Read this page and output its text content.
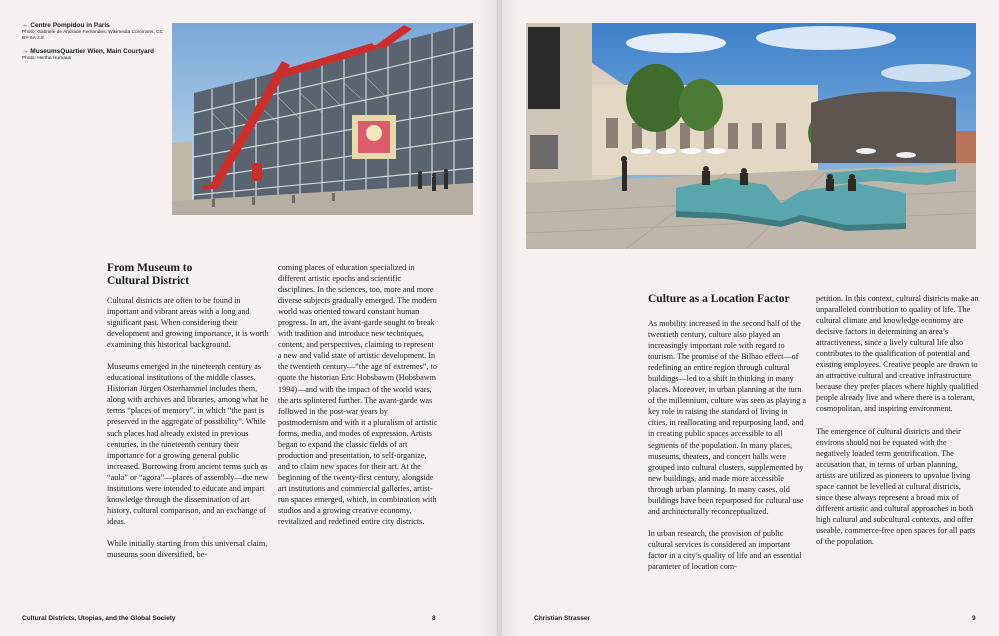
← Centre Pompidou in Paris
Photo: Gabriele de Andrade Fernandes, Wikimedia Commons, CC BY-SA 2.0
→ MuseumsQuartier Wien, Main Courtyard
Photo: Hertha Hurnaus
From Museum to
Cultural District

Cultural districts are often to be found in important and vibrant areas with a long and significant past. When considering their development and growing importance, it is worth examining this historical background.

Museums emerged in the nineteenth century as educational institutions of the middle classes. Historian Jürgen Osterhammel includes them, along with archives and libraries, among what he terms “places of memory”, in which “the past is preserved in the aggregate of possibility”. While such places had already existed in previous centuries, in the nineteenth century their importance for a growing general public increased. Borrowing from ancient terms such as “aula” or “agora”—places of assembly—the new institutions were intended to educate and impart knowledge through the dissemination of art history, cultural comparison, and an exchange of ideas.

While initially starting from this universal claim, museums soon diversified, be-

coming places of education specialized in different artistic epochs and scientific disciplines. In the sciences, too, more and more diverse subjects gradually emerged. The modern world was oriented toward constant human progress. In art, the avant-garde sought to break with tradition and introduce new techniques, content, and perspectives, claiming to represent a new and valid state of artistic development. In the twentieth century—“the age of extremes”, to quote the historian Eric Hobsbawm (Hobsbawm 1994)—and with the impact of the world wars, the arts splintered further. The avant-garde was followed in the post-war years by postmodernism and with it a pluralism of artistic forms, media, and modes of expression. Artists began to expand the classic fields of art production and presentation, to self-organize, and to claim new spaces for their art. At the beginning of the twenty-first century, alongside art institutions and commercial galleries, artist-run spaces emerged, which, in combination with studios and a growing creative economy, revitalized and redefined entire city districts.

Cultural Districts, Utopias, and the Global Society	8
Culture as a Location Factor

As mobility increased in the second half of the twentieth century, culture also played an increasingly important role with regard to tourism. The promise of the Bilbao effect—of redefining an entire region through cultural buildings—led to a shift in thinking in many places. Moreover, in urban planning at the turn of the millennium, culture was seen as playing a key role in raising the standard of living in cities, in reallocating and repurposing land, and in creating public spaces accessible to all segments of the population. In many places, museums, theaters, and concert halls were grouped into cultural clusters, supplemented by new buildings, and made more accessible through urban planning. In many cases, old buildings have been repurposed for cultural use and architecturally reconceptualized.

In urban research, the provision of public cultural services is considered an important factor in a city’s quality of life and an essential parameter of location com-

petition. In this context, cultural districts make an unparalleled contribution to quality of life. The cultural climate and knowledge economy are decisive factors in determining an area’s attractiveness, since a lively cultural life also contributes to the qualification of potential and existing employees. Creative people are drawn to an attractive cultural and creative infrastructure because they prefer places where highly qualified people already live and where there is a tolerant, cosmopolitan, and inspiring environment.

The emergence of cultural districts and their environs should not be equated with the negatively loaded term gentrification. The accusation that, in terms of urban planning, artists are utilized as pioneers to upvalue living space cannot be levelled at cultural districts, since these always represent a broad mix of different artistic and cultural approaches in both high cultural and subcultural contexts, and offer useable, commerce-free open spaces for all parts of the population.

Christian Strasser	9
